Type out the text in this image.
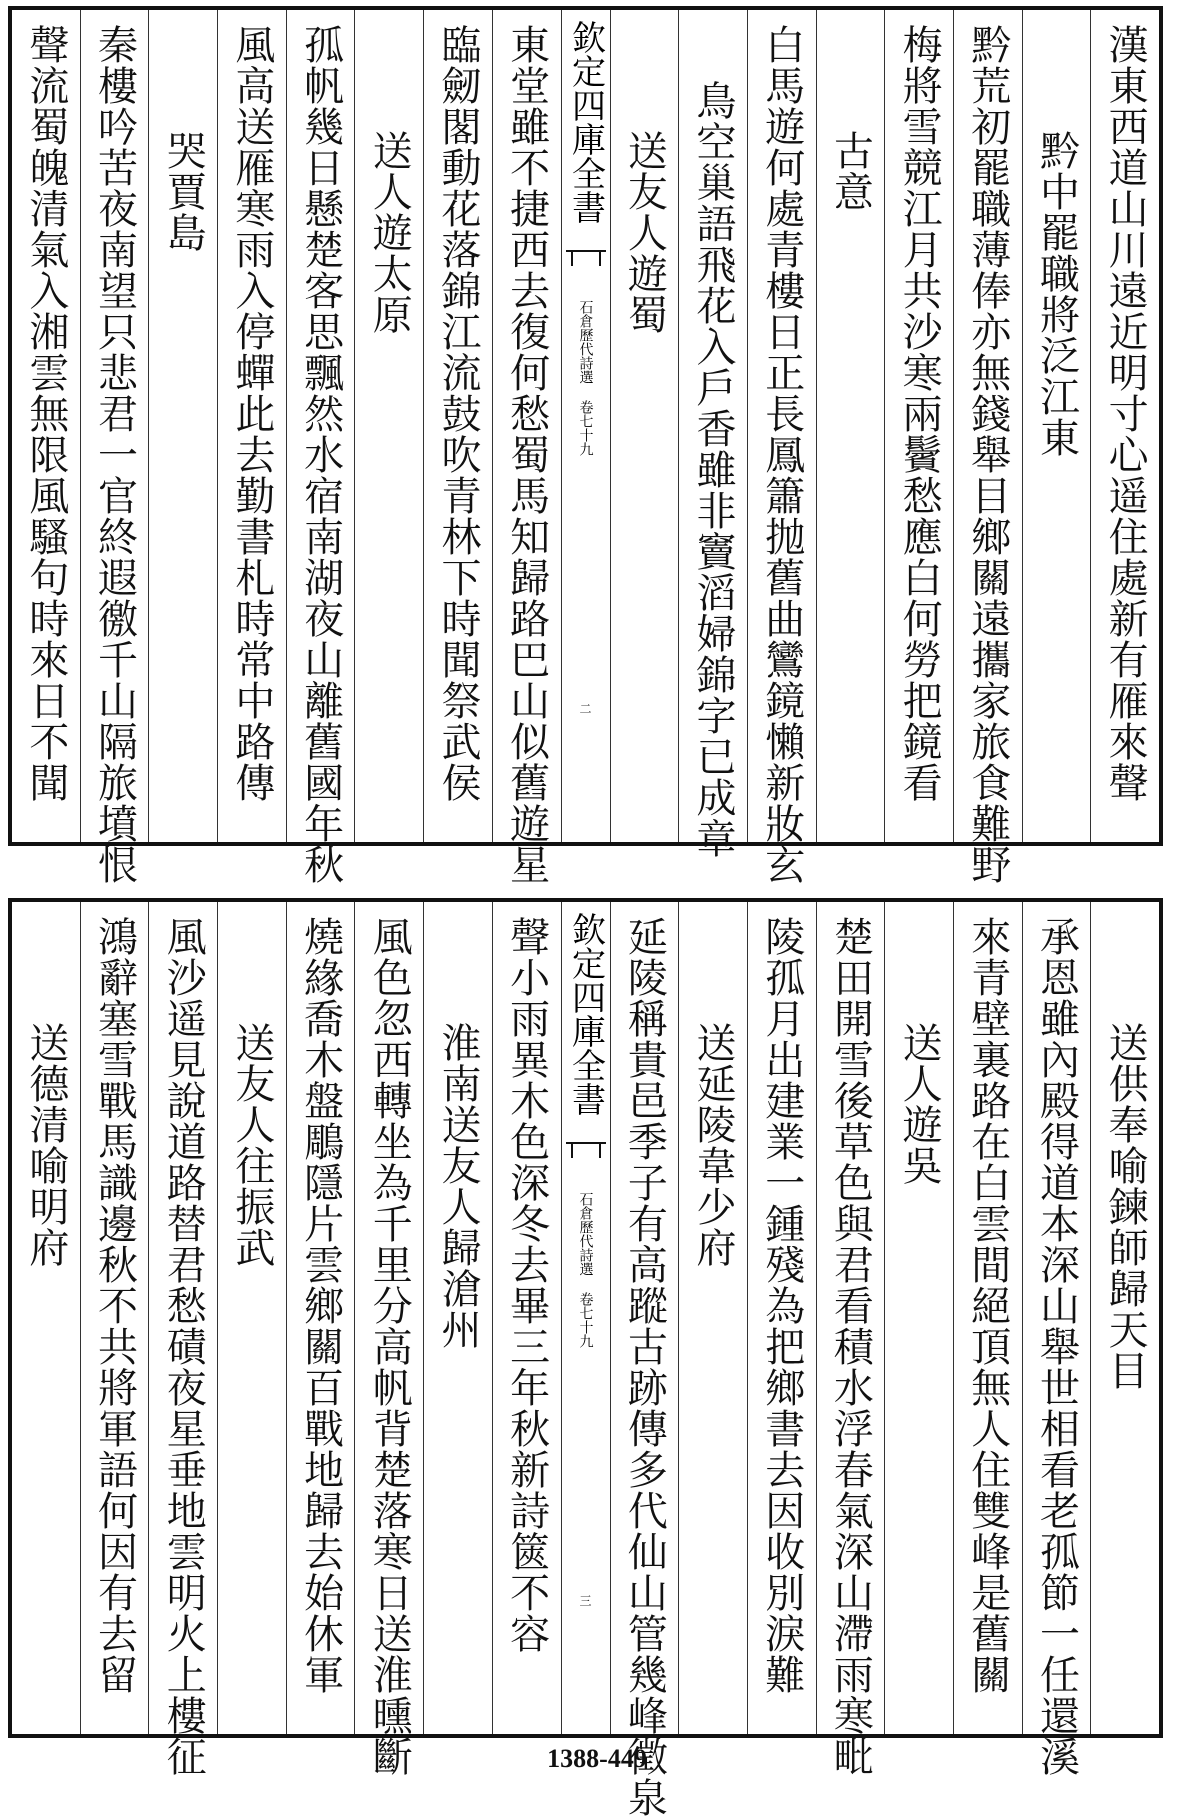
漢東西道山川遠近明寸心遥住處新有雁來聲
黔中罷職將泛江東
黔荒初罷職薄俸亦無錢舉目鄉關遠攜家旅食難野
梅將雪競江月共沙寒兩鬢愁應白何勞把鏡看
古意
白馬遊何處青樓日正長鳳簫抛舊曲鸞鏡懶新妝玄
鳥空巢語飛花入戶香雖非竇滔婦錦字已成章
送友人遊蜀
欽定四庫全書
石倉歷代詩選 卷七十九
二
東堂雖不捷西去復何愁蜀馬知歸路巴山似舊遊星
臨劒閣動花落錦江流鼓吹青林下時聞祭武侯
送人遊太原
孤帆幾日懸楚客思飄然水宿南湖夜山離舊國年秋
風高送雁寒雨入停蟬此去勤書札時常中路傳
哭賈島
秦樓吟苦夜南望只悲君一官終遐徼千山隔旅墳恨
聲流蜀魄清氣入湘雲無限風騷句時來日不聞
送供奉喻鍊師歸天目
承恩雖內殿得道本深山舉世相看老孤節一任還溪
來青壁裏路在白雲間絕頂無人住雙峰是舊關
送人遊吳
楚田開雪後草色與君看積水浮春氣深山滯雨寒毗
陵孤月出建業一鍾殘為把鄉書去因收別淚難
送延陵韋少府
延陵稱貴邑季子有高蹤古跡傳多代仙山管幾峰徵泉
欽定四庫全書
石倉歷代詩選 卷七十九
三
聲小雨異木色深冬去畢三年秋新詩篋不容
淮南送友人歸滄州
風色忽西轉坐為千里分高帆背楚落寒日送淮曛斷
燒緣喬木盤鵰隱片雲鄉關百戰地歸去始休軍
送友人往振武
風沙遥見說道路替君愁磧夜星垂地雲明火上樓征
鴻辭塞雪戰馬識邊秋不共將軍語何因有去留
送德清喻明府
1388-449
